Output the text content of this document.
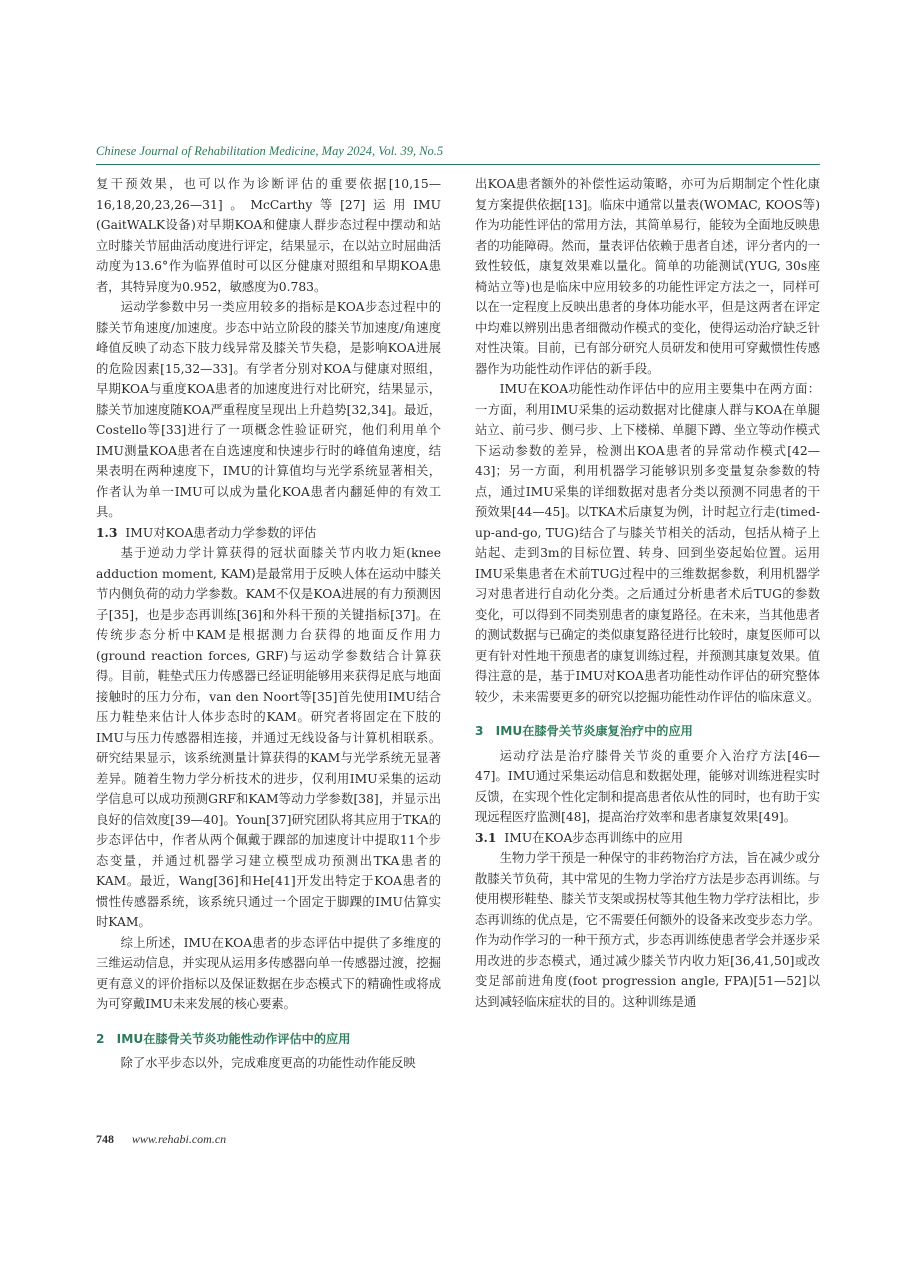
Chinese Journal of Rehabilitation Medicine, May 2024, Vol. 39, No.5

复干预效果，也可以作为诊断评估的重要依据[10,15—16,18,20,23,26—31]。McCarthy等[27]运用IMU (GaitWALK设备)对早期KOA和健康人群步态过程中摆动和站立时膝关节屈曲活动度进行评定，结果显示，在以站立时屈曲活动度为13.6°作为临界值时可以区分健康对照组和早期KOA患者，其特异度为0.952，敏感度为0.783。

运动学参数中另一类应用较多的指标是KOA步态过程中的膝关节角速度/加速度。步态中站立阶段的膝关节加速度/角速度峰值反映了动态下肢力线异常及膝关节失稳，是影响KOA进展的危险因素[15,32—33]。有学者分别对KOA与健康对照组，早期KOA与重度KOA患者的加速度进行对比研究，结果显示，膝关节加速度随KOA严重程度呈现出上升趋势[32,34]。最近，Costello等[33]进行了一项概念性验证研究，他们利用单个IMU测量KOA患者在自选速度和快速步行时的峰值角速度，结果表明在两种速度下，IMU的计算值均与光学系统显著相关，作者认为单一IMU可以成为量化KOA患者内翻延伸的有效工具。

1.3 IMU对KOA患者动力学参数的评估

基于逆动力学计算获得的冠状面膝关节内收力矩(knee adduction moment, KAM)是最常用于反映人体在运动中膝关节内侧负荷的动力学参数。KAM不仅是KOA进展的有力预测因子[35]，也是步态再训练[36]和外科干预的关键指标[37]。在传统步态分析中KAM是根据测力台获得的地面反作用力(ground reaction forces, GRF)与运动学参数结合计算获得。目前，鞋垫式压力传感器已经证明能够用来获得足底与地面接触时的压力分布，van den Noort等[35]首先使用IMU结合压力鞋垫来估计人体步态时的KAM。研究者将固定在下肢的IMU与压力传感器相连接，并通过无线设备与计算机相联系。研究结果显示，该系统测量计算获得的KAM与光学系统无显著差异。随着生物力学分析技术的进步，仅利用IMU采集的运动学信息可以成功预测GRF和KAM等动力学参数[38]，并显示出良好的信效度[39—40]。Youn[37]研究团队将其应用于TKA的步态评估中，作者从两个佩戴于踝部的加速度计中提取11个步态变量，并通过机器学习建立模型成功预测出TKA患者的KAM。最近，Wang[36]和He[41]开发出特定于KOA患者的惯性传感器系统，该系统只通过一个固定于脚踝的IMU估算实时KAM。

综上所述，IMU在KOA患者的步态评估中提供了多维度的三维运动信息，并实现从运用多传感器向单一传感器过渡，挖掘更有意义的评价指标以及保证数据在步态模式下的精确性或将成为可穿戴IMU未来发展的核心要素。

2　IMU在膝骨关节炎功能性动作评估中的应用

除了水平步态以外，完成难度更高的功能性动作能反映

出KOA患者额外的补偿性运动策略，亦可为后期制定个性化康复方案提供依据[13]。临床中通常以量表(WOMAC, KOOS等)作为功能性评估的常用方法，其简单易行，能较为全面地反映患者的功能障碍。然而，量表评估依赖于患者自述，评分者内的一致性较低，康复效果难以量化。简单的功能测试(YUG, 30s座椅站立等)也是临床中应用较多的功能性评定方法之一，同样可以在一定程度上反映出患者的身体功能水平，但是这两者在评定中均难以辨别出患者细微动作模式的变化，使得运动治疗缺乏针对性决策。目前，已有部分研究人员研发和使用可穿戴惯性传感器作为功能性动作评估的新手段。

IMU在KOA功能性动作评估中的应用主要集中在两方面：一方面，利用IMU采集的运动数据对比健康人群与KOA在单腿站立、前弓步、侧弓步、上下楼梯、单腿下蹲、坐立等动作模式下运动参数的差异，检测出KOA患者的异常动作模式[42—43]；另一方面，利用机器学习能够识别多变量复杂参数的特点，通过IMU采集的详细数据对患者分类以预测不同患者的干预效果[44—45]。以TKA术后康复为例，计时起立行走(timed-up-and-go, TUG)结合了与膝关节相关的活动，包括从椅子上站起、走到3m的目标位置、转身、回到坐姿起始位置。运用IMU采集患者在术前TUG过程中的三维数据参数，利用机器学习对患者进行自动化分类。之后通过分析患者术后TUG的参数变化，可以得到不同类别患者的康复路径。在未来，当其他患者的测试数据与已确定的类似康复路径进行比较时，康复医师可以更有针对性地干预患者的康复训练过程，并预测其康复效果。值得注意的是，基于IMU对KOA患者功能性动作评估的研究整体较少，未来需要更多的研究以挖掘功能性动作评估的临床意义。

3　IMU在膝骨关节炎康复治疗中的应用

运动疗法是治疗膝骨关节炎的重要介入治疗方法[46—47]。IMU通过采集运动信息和数据处理，能够对训练进程实时反馈，在实现个性化定制和提高患者依从性的同时，也有助于实现远程医疗监测[48]，提高治疗效率和患者康复效果[49]。

3.1 IMU在KOA步态再训练中的应用

生物力学干预是一种保守的非药物治疗方法，旨在减少或分散膝关节负荷，其中常见的生物力学治疗方法是步态再训练。与使用楔形鞋垫、膝关节支架或拐杖等其他生物力学疗法相比，步态再训练的优点是，它不需要任何额外的设备来改变步态力学。作为动作学习的一种干预方式，步态再训练使患者学会并逐步采用改进的步态模式，通过减少膝关节内收力矩[36,41,50]或改变足部前进角度(foot progression angle, FPA)[51—52]以达到减轻临床症状的目的。这种训练是通

748 www.rehabi.com.cn
